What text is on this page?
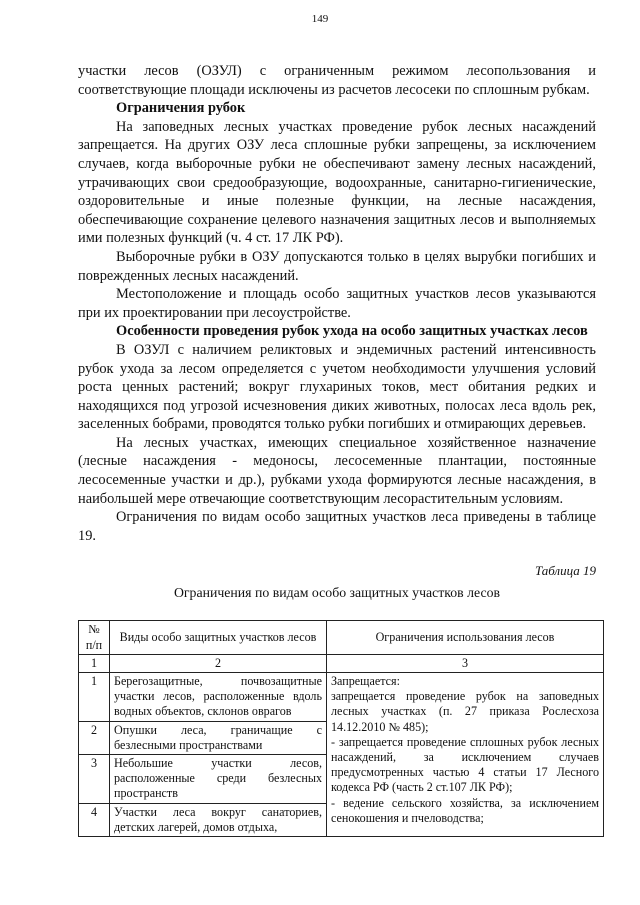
149

участки лесов (ОЗУЛ) с ограниченным режимом лесопользования и соответствующие площади исключены из расчетов лесосеки по сплошным рубкам.

Ограничения рубок

На заповедных лесных участках проведение рубок лесных насаждений запрещается. На других ОЗУ леса сплошные рубки запрещены, за исключением случаев, когда выборочные рубки не обеспечивают замену лесных насаждений, утрачивающих свои средообразующие, водоохранные, санитарно-гигиенические, оздоровительные и иные полезные функции, на лесные насаждения, обеспечивающие сохранение целевого назначения защитных лесов и выполняемых ими полезных функций (ч. 4 ст. 17 ЛК РФ).

Выборочные рубки в ОЗУ допускаются только в целях вырубки погибших и поврежденных лесных насаждений.

Местоположение и площадь особо защитных участков лесов указываются при их проектировании при лесоустройстве.

Особенности проведения рубок ухода на особо защитных участках лесов

В ОЗУЛ с наличием реликтовых и эндемичных растений интенсивность рубок ухода за лесом определяется с учетом необходимости улучшения условий роста ценных растений; вокруг глухариных токов, мест обитания редких и находящихся под угрозой исчезновения диких животных, полосах леса вдоль рек, заселенных бобрами, проводятся только рубки погибших и отмирающих деревьев.

На лесных участках, имеющих специальное хозяйственное назначение (лесные насаждения - медоносы, лесосеменные плантации, постоянные лесосеменные участки и др.), рубками ухода формируются лесные насаждения, в наибольшей мере отвечающие соответствующим лесорастительным условиям.

Ограничения по видам особо защитных участков леса приведены в таблице 19.

Таблица 19
Ограничения по видам особо защитных участков лесов
№ п/п	Виды особо защитных участков лесов	Ограничения использования лесов
1	2	3
1	Берегозащитные, почвозащитные участки лесов, расположенные вдоль водных объектов, склонов оврагов	Запрещается:
запрещается проведение рубок на заповедных лесных участках (п. 27 приказа Рослесхоза 14.12.2010 № 485);
- запрещается проведение сплошных рубок лесных насаждений, за исключением случаев предусмотренных частью 4 статьи 17 Лесного кодекса РФ (часть 2 ст.107 ЛК РФ);
- ведение сельского хозяйства, за исключением сенокошения и пчеловодства;

2	Опушки леса, граничащие с безлесными пространствами	
3	Небольшие участки лесов, расположенные среди безлесных пространств	
4	Участки леса вокруг санаториев, детских лагерей, домов отдыха,	
